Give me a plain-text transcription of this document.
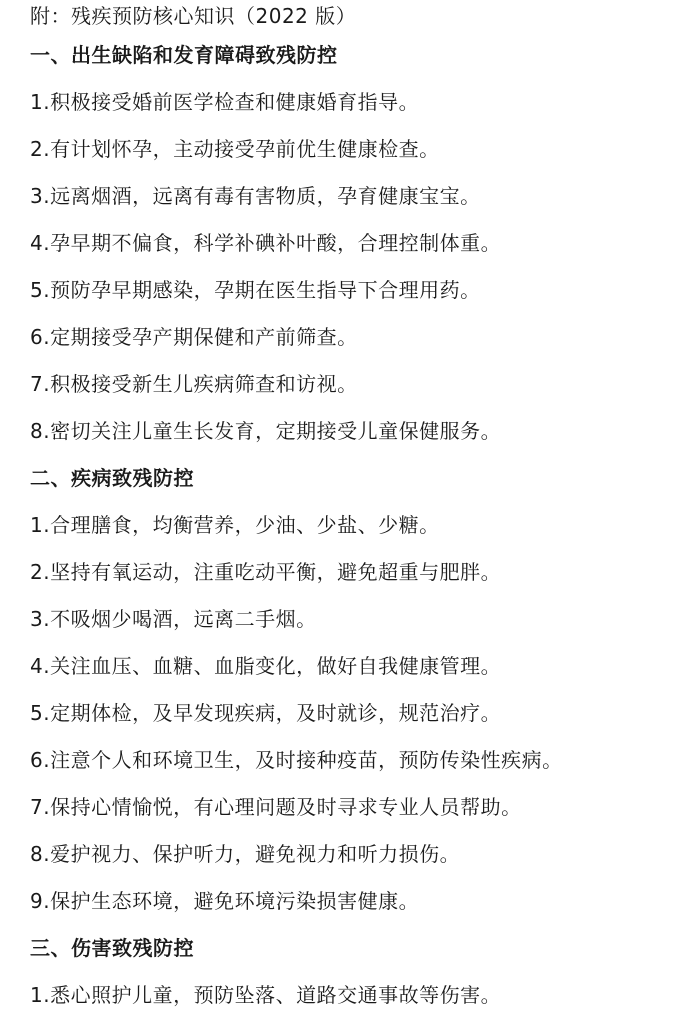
附：残疾预防核心知识（2022 版）
一、出生缺陷和发育障碍致残防控
1.积极接受婚前医学检查和健康婚育指导。
2.有计划怀孕，主动接受孕前优生健康检查。
3.远离烟酒，远离有毒有害物质，孕育健康宝宝。
4.孕早期不偏食，科学补碘补叶酸，合理控制体重。
5.预防孕早期感染，孕期在医生指导下合理用药。
6.定期接受孕产期保健和产前筛查。
7.积极接受新生儿疾病筛查和访视。
8.密切关注儿童生长发育，定期接受儿童保健服务。
二、疾病致残防控
1.合理膳食，均衡营养，少油、少盐、少糖。
2.坚持有氧运动，注重吃动平衡，避免超重与肥胖。
3.不吸烟少喝酒，远离二手烟。
4.关注血压、血糖、血脂变化，做好自我健康管理。
5.定期体检，及早发现疾病，及时就诊，规范治疗。
6.注意个人和环境卫生，及时接种疫苗，预防传染性疾病。
7.保持心情愉悦，有心理问题及时寻求专业人员帮助。
8.爱护视力、保护听力，避免视力和听力损伤。
9.保护生态环境，避免环境污染损害健康。
三、伤害致残防控
1.悉心照护儿童，预防坠落、道路交通事故等伤害。
